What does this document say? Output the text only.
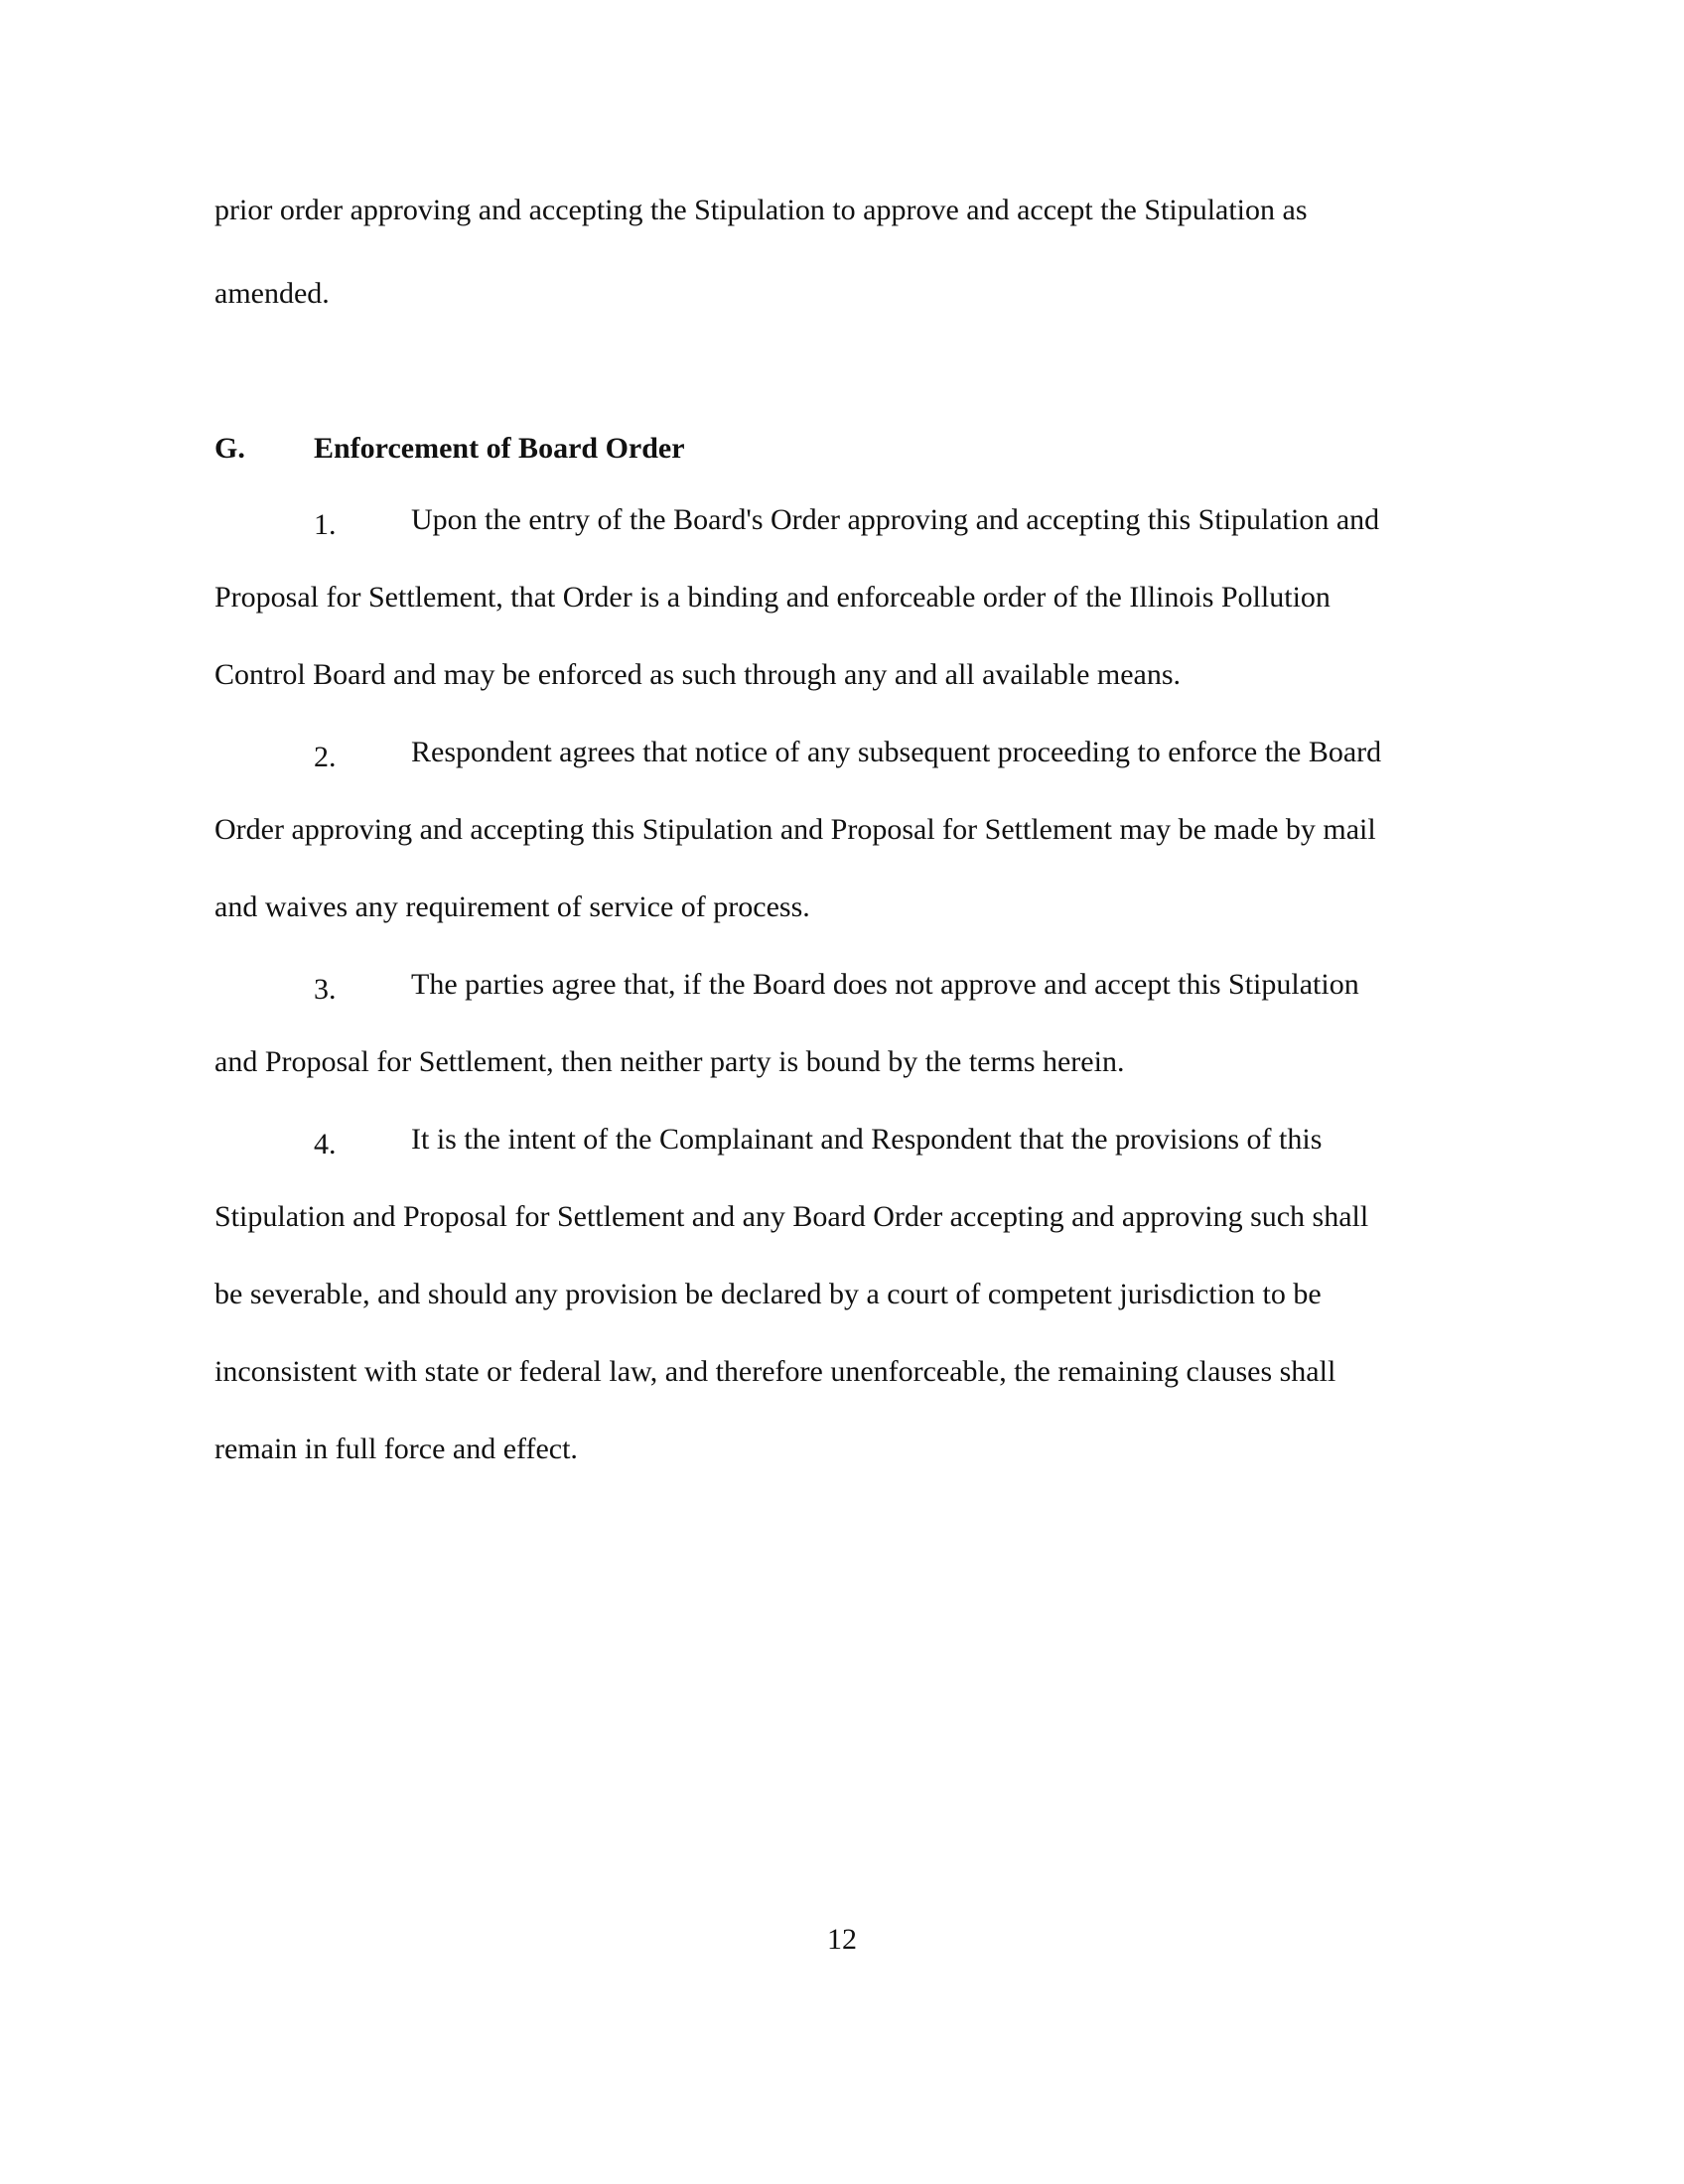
prior order approving and accepting the Stipulation to approve and accept the Stipulation as
amended.
G. Enforcement of Board Order
1.	Upon the entry of the Board's Order approving and accepting this Stipulation and
Proposal for Settlement, that Order is a binding and enforceable order of the Illinois Pollution
Control Board and may be enforced as such through any and all available means.
2.	Respondent agrees that notice of any subsequent proceeding to enforce the Board
Order approving and accepting this Stipulation and Proposal for Settlement may be made by mail
and waives any requirement of service of process.
3.	The parties agree that, if the Board does not approve and accept this Stipulation
and Proposal for Settlement, then neither party is bound by the terms herein.
4.	It is the intent of the Complainant and Respondent that the provisions of this
Stipulation and Proposal for Settlement and any Board Order accepting and approving such shall
be severable, and should any provision be declared by a court of competent jurisdiction to be
inconsistent with state or federal law, and therefore unenforceable, the remaining clauses shall
remain in full force and effect.
12
